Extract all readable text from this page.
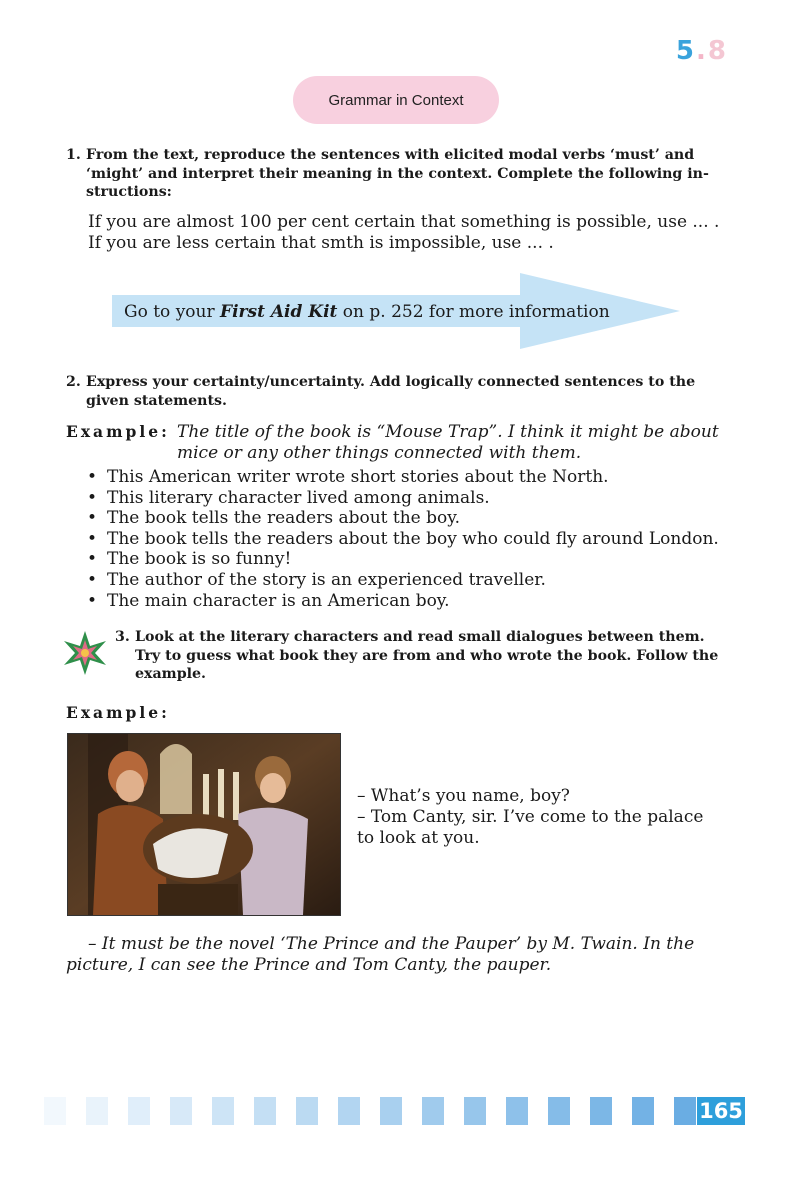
5.8
Grammar in Context
1. From the text, reproduce the sentences with elicited modal verbs ‘must’ and
‘might’ and interpret their meaning in the context. Complete the following in-
structions:
If you are almost 100 per cent certain that something is possible, use ... .
If you are less certain that smth is impossible, use ... .
Go to your First Aid Kit on p. 252 for more information
2. Express your certainty/uncertainty. Add logically connected sentences to the
given statements.
Example: The title of the book is “Mouse Trap”. I think it might be about
mice or any other things connected with them.
• This American writer wrote short stories about the North.
• This literary character lived among animals.
• The book tells the readers about the boy.
• The book tells the readers about the boy who could fly around London.
• The book is so funny!
• The author of the story is an experienced traveller.
• The main character is an American boy.
3. Look at the literary characters and read small dialogues between them.
Try to guess what book they are from and who wrote the book. Follow the
example.
Example:
– What’s you name, boy?
– Tom Canty, sir. I’ve come to the palace
to look at you.
– It must be the novel ‘The Prince and the Pauper’ by M. Twain. In the
picture, I can see the Prince and Tom Canty, the pauper.
165
